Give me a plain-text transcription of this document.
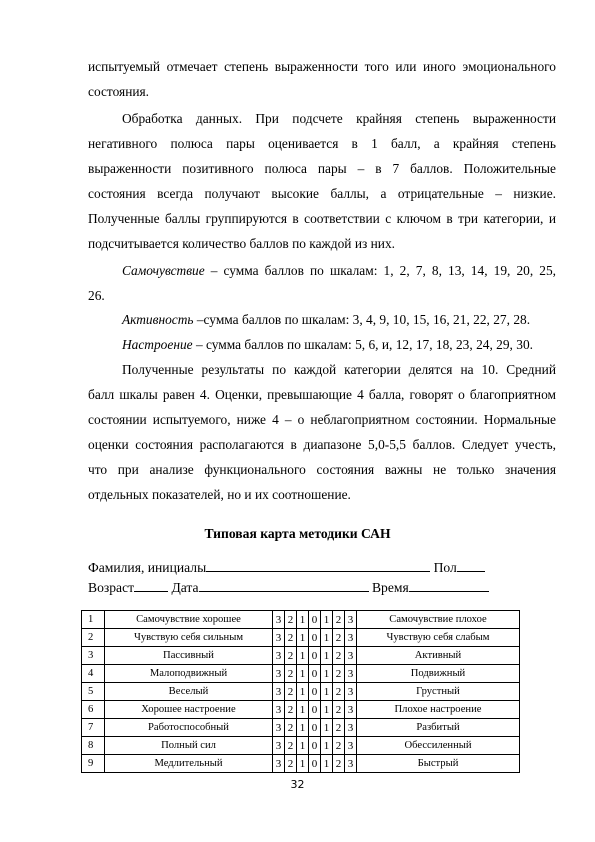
испытуемый отмечает степень выраженности того или иного эмоционального
состояния.
Обработка данных. При подсчете крайняя степень выраженности
негативного полюса пары оценивается в 1 балл, а крайняя степень
выраженности позитивного полюса пары – в 7 баллов. Положительные
состояния всегда получают высокие баллы, а отрицательные – низкие.
Полученные баллы группируются в соответствии с ключом в три категории, и
подсчитывается количество баллов по каждой из них.
Самочувствие – сумма баллов по шкалам: 1, 2, 7, 8, 13, 14, 19, 20, 25,
26.
Активность –сумма баллов по шкалам: 3, 4, 9, 10, 15, 16, 21, 22, 27, 28.
Настроение – сумма баллов по шкалам: 5, 6, и, 12, 17, 18, 23, 24, 29, 30.
Полученные результаты по каждой категории делятся на 10. Средний
балл шкалы равен 4. Оценки, превышающие 4 балла, говорят о благоприятном
состоянии испытуемого, ниже 4 – о неблагоприятном состоянии. Нормальные
оценки состояния располагаются в диапазоне 5,0-5,5 баллов. Следует учесть,
что при анализе функционального состояния важны не только значения
отдельных показателей, но и их соотношение.
Типовая карта методики САН
Фамилия, инициалы	Пол
Возраст	Дата	Время
1	Самочувствие хорошее	3	2	1	0	1	2	3	Самочувствие плохое
2	Чувствую себя сильным	3	2	1	0	1	2	3	Чувствую себя слабым
3	Пассивный	3	2	1	0	1	2	3	Активный
4	Малоподвижный	3	2	1	0	1	2	3	Подвижный
5	Веселый	3	2	1	0	1	2	3	Грустный
6	Хорошее настроение	3	2	1	0	1	2	3	Плохое настроение
7	Работоспособный	3	2	1	0	1	2	3	Разбитый
8	Полный сил	3	2	1	0	1	2	3	Обессиленный
9	Медлительный	3	2	1	0	1	2	3	Быстрый
32
